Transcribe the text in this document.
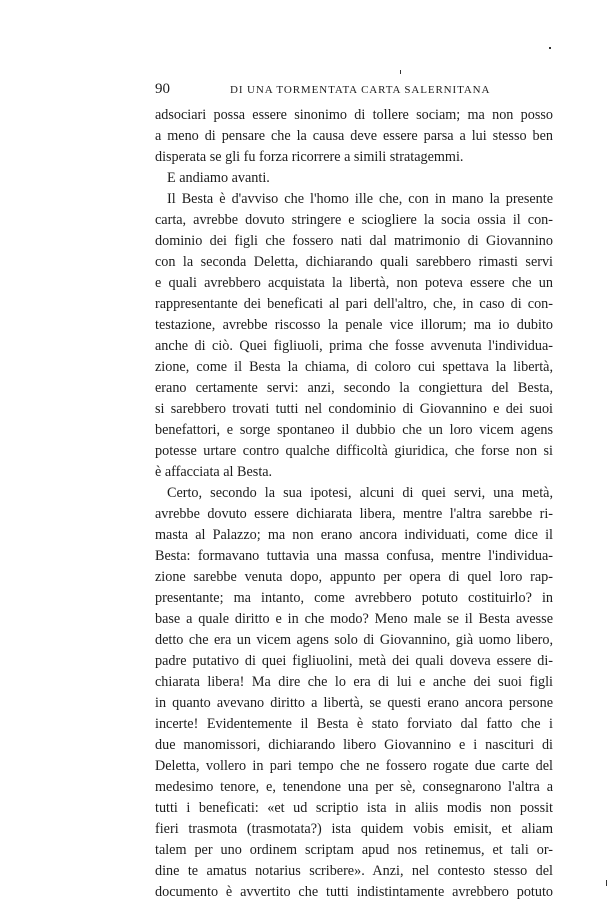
90	DI UNA TORMENTATA CARTA SALERNITANA
adsociari possa essere sinonimo di tollere sociam; ma non posso
a meno di pensare che la causa deve essere parsa a lui stesso ben
disperata se gli fu forza ricorrere a simili stratagemmi.
E andiamo avanti.
Il Besta è d'avviso che l'homo ille che, con in mano la presente
carta, avrebbe dovuto stringere e sciogliere la socia ossia il con-
dominio dei figli che fossero nati dal matrimonio di Giovannino
con la seconda Deletta, dichiarando quali sarebbero rimasti servi
e quali avrebbero acquistata la libertà, non poteva essere che un
rappresentante dei beneficati al pari dell'altro, che, in caso di con-
testazione, avrebbe riscosso la penale vice illorum; ma io dubito
anche di ciò. Quei figliuoli, prima che fosse avvenuta l'individua-
zione, come il Besta la chiama, di coloro cui spettava la libertà,
erano certamente servi: anzi, secondo la congiettura del Besta,
si sarebbero trovati tutti nel condominio di Giovannino e dei suoi
benefattori, e sorge spontaneo il dubbio che un loro vicem agens
potesse urtare contro qualche difficoltà giuridica, che forse non si
è affacciata al Besta.
Certo, secondo la sua ipotesi, alcuni di quei servi, una metà,
avrebbe dovuto essere dichiarata libera, mentre l'altra sarebbe ri-
masta al Palazzo; ma non erano ancora individuati, come dice il
Besta: formavano tuttavia una massa confusa, mentre l'individua-
zione sarebbe venuta dopo, appunto per opera di quel loro rap-
presentante; ma intanto, come avrebbero potuto costituirlo? in
base a quale diritto e in che modo? Meno male se il Besta avesse
detto che era un vicem agens solo di Giovannino, già uomo libero,
padre putativo di quei figliuolini, metà dei quali doveva essere di-
chiarata libera! Ma dire che lo era di lui e anche dei suoi figli
in quanto avevano diritto a libertà, se questi erano ancora persone
incerte! Evidentemente il Besta è stato forviato dal fatto che i
due manomissori, dichiarando libero Giovannino e i nascituri di
Deletta, vollero in pari tempo che ne fossero rogate due carte del
medesimo tenore, e, tenendone una per sè, consegnarono l'altra a
tutti i beneficati: «et ud scriptio ista in aliis modis non possit
fieri trasmota (trasmotata?) ista quidem vobis emisit, et aliam
talem per uno ordinem scriptam apud nos retinemus, et tali or-
dine te amatus notarius scribere». Anzi, nel contesto stesso del
documento è avvertito che tutti indistintamente avrebbero potuto
